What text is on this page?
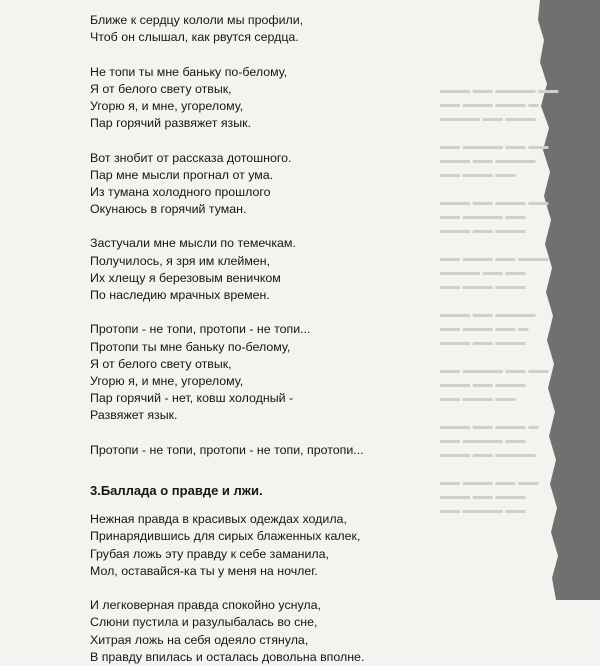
▬▬▬ ▬▬ ▬▬▬▬ ▬▬
▬▬ ▬▬▬ ▬▬▬ ▬
▬▬▬▬ ▬▬ ▬▬▬
▬▬ ▬▬▬▬ ▬▬ ▬▬
▬▬▬ ▬▬ ▬▬▬▬
▬▬ ▬▬▬ ▬▬
▬▬▬ ▬▬ ▬▬▬ ▬▬
▬▬ ▬▬▬▬ ▬▬
▬▬▬ ▬▬ ▬▬▬
▬▬ ▬▬▬ ▬▬ ▬▬▬
▬▬▬▬ ▬▬ ▬▬
▬▬ ▬▬▬ ▬▬▬
▬▬▬ ▬▬ ▬▬▬▬
▬▬ ▬▬▬ ▬▬ ▬
▬▬▬ ▬▬ ▬▬▬
▬▬ ▬▬▬▬ ▬▬ ▬▬
▬▬▬ ▬▬ ▬▬▬
▬▬ ▬▬▬ ▬▬
▬▬▬ ▬▬ ▬▬▬ ▬
▬▬ ▬▬▬▬ ▬▬
▬▬▬ ▬▬ ▬▬▬▬
▬▬ ▬▬▬ ▬▬ ▬▬
▬▬▬ ▬▬ ▬▬▬
▬▬ ▬▬▬▬ ▬▬
Ближе к сердцу кололи мы профили,
Чтоб он слышал, как рвутся сердца.
Не топи ты мне баньку по-белому,
Я от белого свету отвык,
Угорю я, и мне, угорелому,
Пар горячий развяжет язык.
Вот знобит от рассказа дотошного.
Пар мне мысли прогнал от ума.
Из тумана холодного прошлого
Окунаюсь в горячий туман.
Застучали мне мысли по темечкам.
Получилось, я зря им клеймен,
Их хлещу я березовым веничком
По наследию мрачных времен.
Протопи - не топи, протопи - не топи...
Протопи ты мне баньку по-белому,
Я от белого свету отвык,
Угорю я, и мне, угорелому,
Пар горячий - нет, ковш холодный -
Развяжет язык.
Протопи - не топи, протопи - не топи, протопи...
3.Баллада о правде и лжи.
Нежная правда в красивых одеждах ходила,
Принарядившись для сирых блаженных калек,
Грубая ложь эту правду к себе заманила,
Мол, оставайся-ка ты у меня на ночлег.
И легковерная правда спокойно уснула,
Слюни пустила и разулыбалась во сне,
Хитрая ложь на себя одеяло стянула,
В правду впилась и осталась довольна вполне.
